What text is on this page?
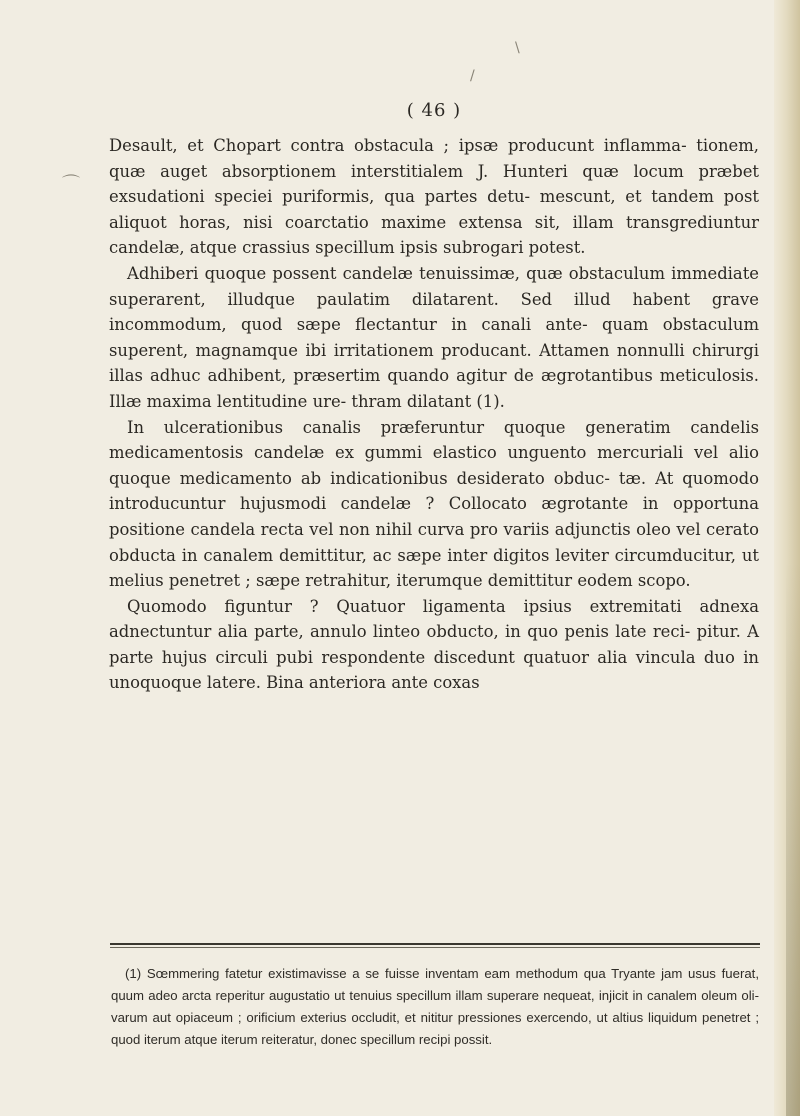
\
/
⌒
( 46 )

Desault, et Chopart contra obstacula ; ipsæ producunt inflamma- tionem, quæ auget absorptionem interstitialem J. Hunteri quæ locum præbet exsudationi speciei puriformis, qua partes detu- mescunt, et tandem post aliquot horas, nisi coarctatio maxime extensa sit, illam transgrediuntur candelæ, atque crassius specillum ipsis subrogari potest.

Adhiberi quoque possent candelæ tenuissimæ, quæ obstaculum immediate superarent, illudque paulatim dilatarent. Sed illud habent grave incommodum, quod sæpe flectantur in canali ante- quam obstaculum superent, magnamque ibi irritationem producant. Attamen nonnulli chirurgi illas adhuc adhibent, præsertim quando agitur de ægrotantibus meticulosis. Illæ maxima lentitudine ure- thram dilatant (1).

In ulcerationibus canalis præferuntur quoque generatim candelis medicamentosis candelæ ex gummi elastico unguento mercuriali vel alio quoque medicamento ab indicationibus desiderato obduc- tæ. At quomodo introducuntur hujusmodi candelæ ? Collocato ægrotante in opportuna positione candela recta vel non nihil curva pro variis adjunctis oleo vel cerato obducta in canalem demittitur, ac sæpe inter digitos leviter circumducitur, ut melius penetret ; sæpe retrahitur, iterumque demittitur eodem scopo.

Quomodo figuntur ? Quatuor ligamenta ipsius extremitati adnexa adnectuntur alia parte, annulo linteo obducto, in quo penis late reci- pitur. A parte hujus circuli pubi respondente discedunt quatuor alia vincula duo in unoquoque latere. Bina anteriora ante coxas

(1) Sœmmering fatetur existimavisse a se fuisse inventam eam methodum qua Tryante jam usus fuerat, quum adeo arcta reperitur augustatio ut tenuius specillum illam superare nequeat, injicit in canalem oleum oli- varum aut opiaceum ; orificium exterius occludit, et nititur pressiones exercendo, ut altius liquidum penetret ; quod iterum atque iterum reiteratur, donec specillum recipi possit.
